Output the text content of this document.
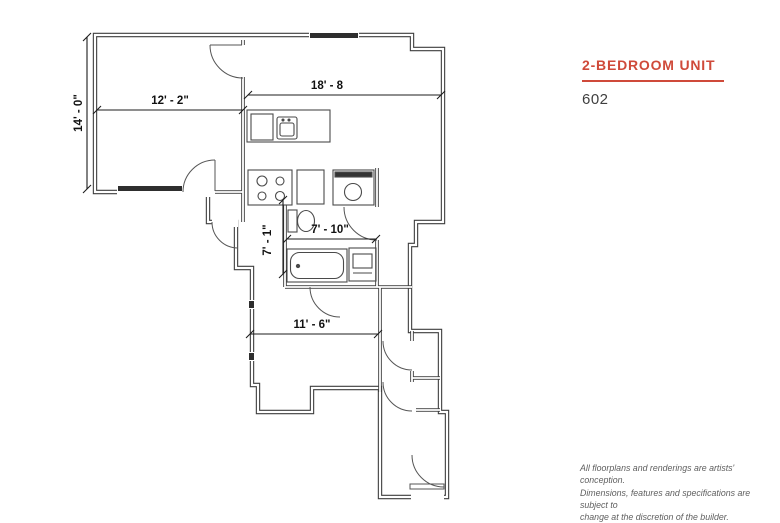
18' - 8
12' - 2"
14' - 0"
7' - 10"
7' - 1"
11' - 6"
2-BEDROOM UNIT
602
All floorplans and renderings are artists' conception.
Dimensions, features and specifications are subject to
change at the discretion of the builder.
